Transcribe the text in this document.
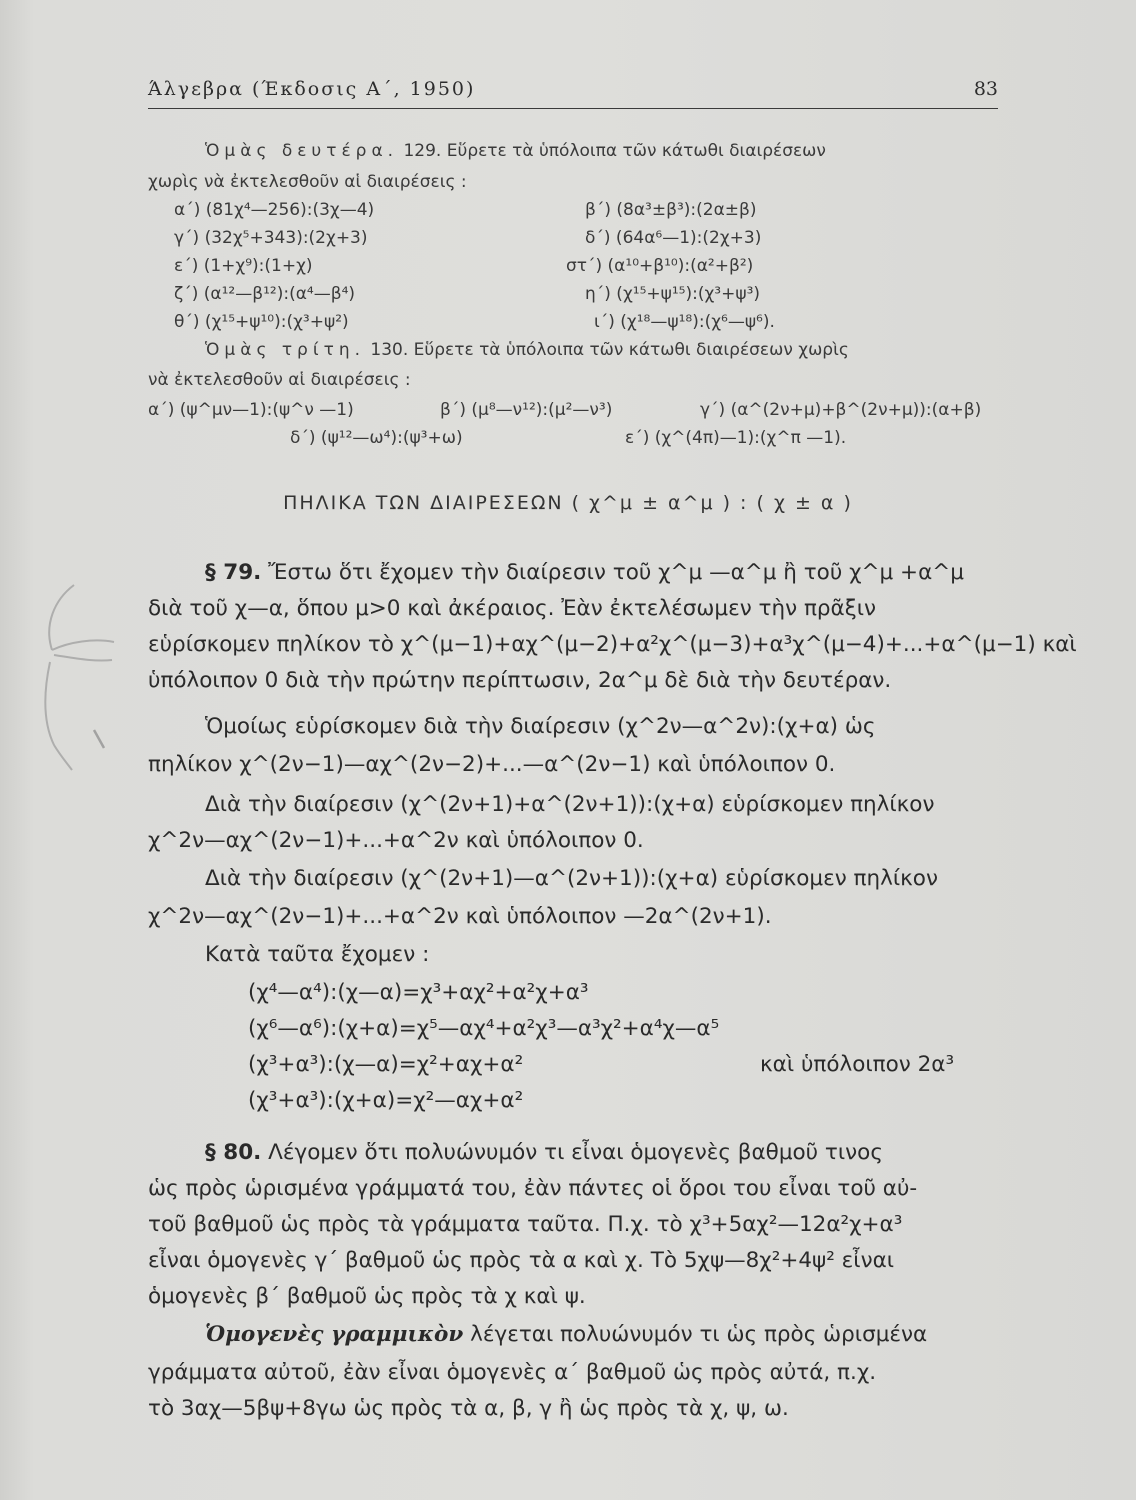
Άλγεβρα (Έκδοσις Α΄, 1950)	83
Ὁμὰς δευτέρα. 129. Εὕρετε τὰ ὑπόλοιπα τῶν κάτωθι διαιρέσεων
χωρὶς νὰ ἐκτελεσθοῦν αἱ διαιρέσεις :
α΄) (81χ⁴—256):(3χ—4)	β΄) (8α³±β³):(2α±β)
γ΄) (32χ⁵+343):(2χ+3)	δ΄) (64α⁶—1):(2χ+3)
ε΄) (1+χ⁹):(1+χ)	στ΄) (α¹⁰+β¹⁰):(α²+β²)
ζ΄) (α¹²—β¹²):(α⁴—β⁴)	η΄) (χ¹⁵+ψ¹⁵):(χ³+ψ³)
θ΄) (χ¹⁵+ψ¹⁰):(χ³+ψ²)	ι΄) (χ¹⁸—ψ¹⁸):(χ⁶—ψ⁶).
Ὁμὰς τρίτη. 130. Εὕρετε τὰ ὑπόλοιπα τῶν κάτωθι διαιρέσεων χωρὶς
νὰ ἐκτελεσθοῦν αἱ διαιρέσεις :
α΄) (ψ^μν—1):(ψ^ν —1)	β΄) (μ⁸—ν¹²):(μ²—ν³)	γ΄) (α^(2ν+μ)+β^(2ν+μ)):(α+β)
δ΄) (ψ¹²—ω⁴):(ψ³+ω)	ε΄) (χ^(4π)—1):(χ^π —1).
ΠΗΛΙΚΑ ΤΩΝ ΔΙΑΙΡΕΣΕΩΝ ( χ^μ ± α^μ ) : ( χ ± α )
§ 79. Ἔστω ὅτι ἔχομεν τὴν διαίρεσιν τοῦ χ^μ —α^μ ἢ τοῦ χ^μ +α^μ
διὰ τοῦ χ—α, ὅπου μ>0 καὶ ἀκέραιος. Ἐὰν ἐκτελέσωμεν τὴν πρᾶξιν
εὑρίσκομεν πηλίκον τὸ χ^(μ−1)+αχ^(μ−2)+α²χ^(μ−3)+α³χ^(μ−4)+...+α^(μ−1) καὶ
ὑπόλοιπον 0 διὰ τὴν πρώτην περίπτωσιν, 2α^μ δὲ διὰ τὴν δευτέραν.
Ὁμοίως εὑρίσκομεν διὰ τὴν διαίρεσιν (χ^2ν—α^2ν):(χ+α) ὡς
πηλίκον χ^(2ν−1)—αχ^(2ν−2)+...—α^(2ν−1) καὶ ὑπόλοιπον 0.
Διὰ τὴν διαίρεσιν (χ^(2ν+1)+α^(2ν+1)):(χ+α) εὑρίσκομεν πηλίκον
χ^2ν—αχ^(2ν−1)+...+α^2ν καὶ ὑπόλοιπον 0.
Διὰ τὴν διαίρεσιν (χ^(2ν+1)—α^(2ν+1)):(χ+α) εὑρίσκομεν πηλίκον
χ^2ν—αχ^(2ν−1)+...+α^2ν καὶ ὑπόλοιπον —2α^(2ν+1).
Κατὰ ταῦτα ἔχομεν :
(χ⁴—α⁴):(χ—α)=χ³+αχ²+α²χ+α³
(χ⁶—α⁶):(χ+α)=χ⁵—αχ⁴+α²χ³—α³χ²+α⁴χ—α⁵
(χ³+α³):(χ—α)=χ²+αχ+α²	καὶ ὑπόλοιπον 2α³
(χ³+α³):(χ+α)=χ²—αχ+α²
§ 80. Λέγομεν ὅτι πολυώνυμόν τι εἶναι ὁμογενὲς βαθμοῦ τινος
ὡς πρὸς ὡρισμένα γράμματά του, ἐὰν πάντες οἱ ὅροι του εἶναι τοῦ αὐ-
τοῦ βαθμοῦ ὡς πρὸς τὰ γράμματα ταῦτα. Π.χ. τὸ χ³+5αχ²—12α²χ+α³
εἶναι ὁμογενὲς γ΄ βαθμοῦ ὡς πρὸς τὰ α καὶ χ. Τὸ 5χψ—8χ²+4ψ² εἶναι
ὁμογενὲς β΄ βαθμοῦ ὡς πρὸς τὰ χ καὶ ψ.
Ὁμογενὲς γραμμικὸν λέγεται πολυώνυμόν τι ὡς πρὸς ὡρισμένα
γράμματα αὐτοῦ, ἐὰν εἶναι ὁμογενὲς α΄ βαθμοῦ ὡς πρὸς αὐτά, π.χ.
τὸ 3αχ—5βψ+8γω ὡς πρὸς τὰ α, β, γ ἢ ὡς πρὸς τὰ χ, ψ, ω.
